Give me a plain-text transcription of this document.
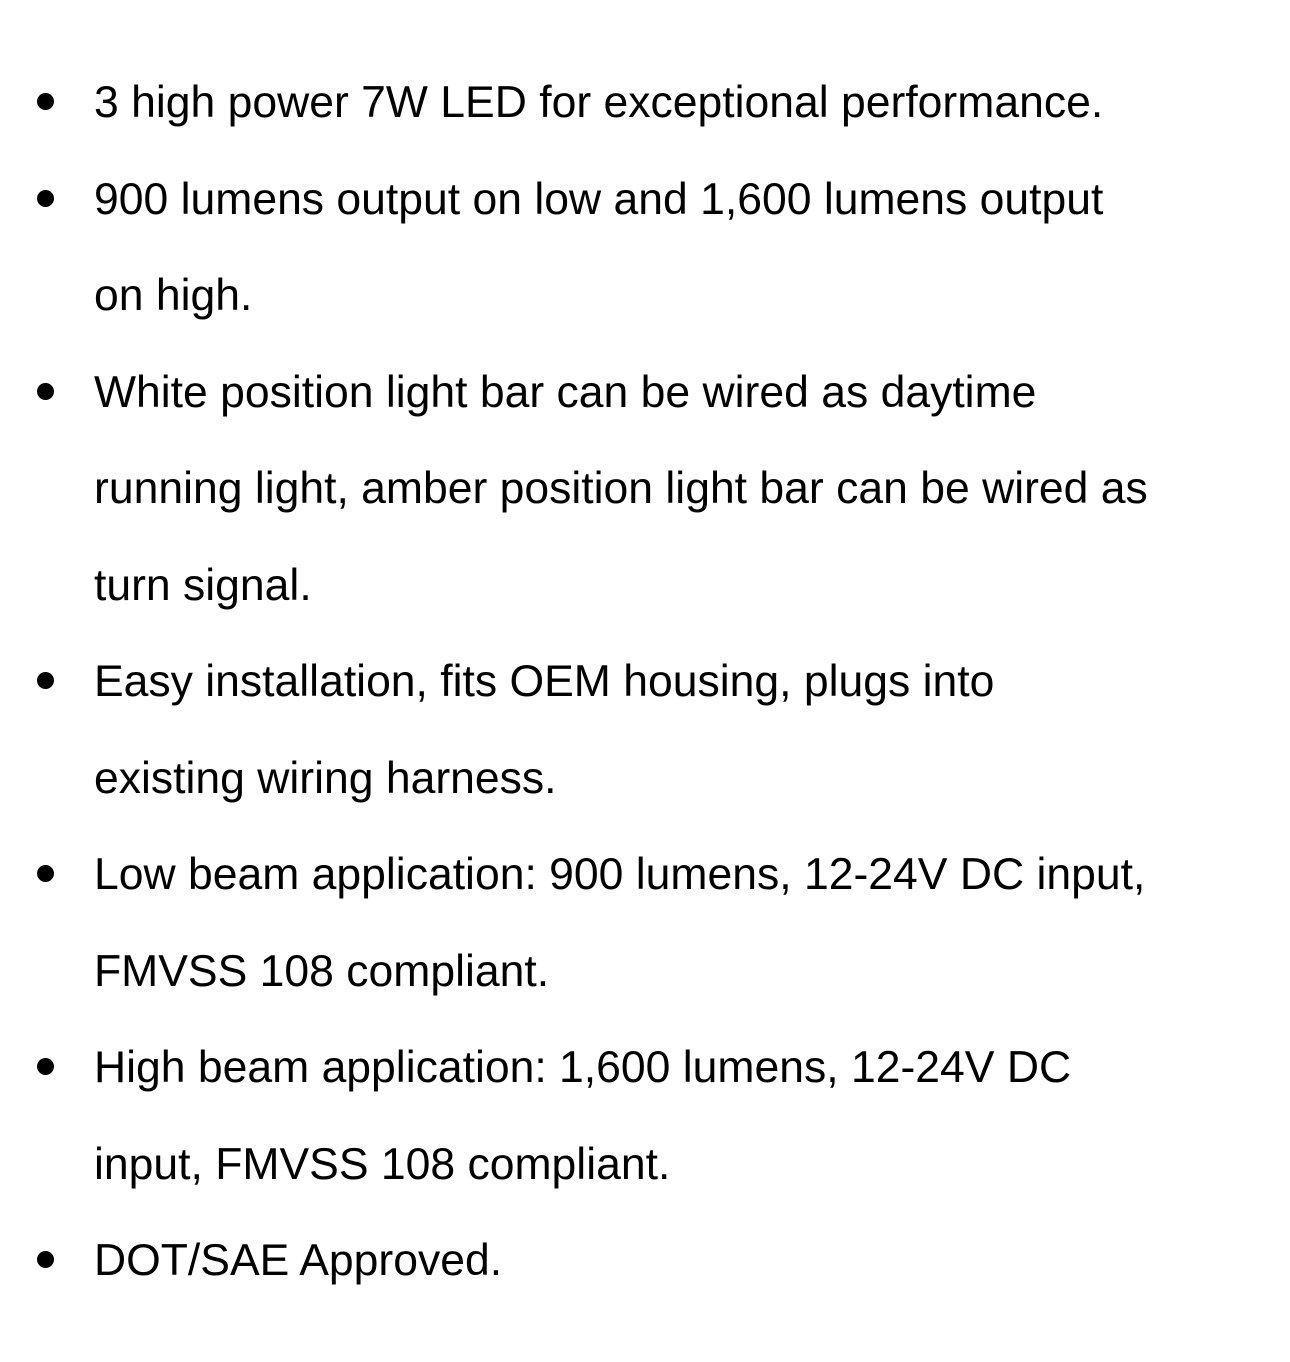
3 high power 7W LED for exceptional performance.
900 lumens output on low and 1,600 lumens output
on high.
White position light bar can be wired as daytime
running light, amber position light bar can be wired as
turn signal.
Easy installation, fits OEM housing, plugs into
existing wiring harness.
Low beam application: 900 lumens, 12-24V DC input,
FMVSS 108 compliant.
High beam application: 1,600 lumens, 12-24V DC
input, FMVSS 108 compliant.
DOT/SAE Approved.
